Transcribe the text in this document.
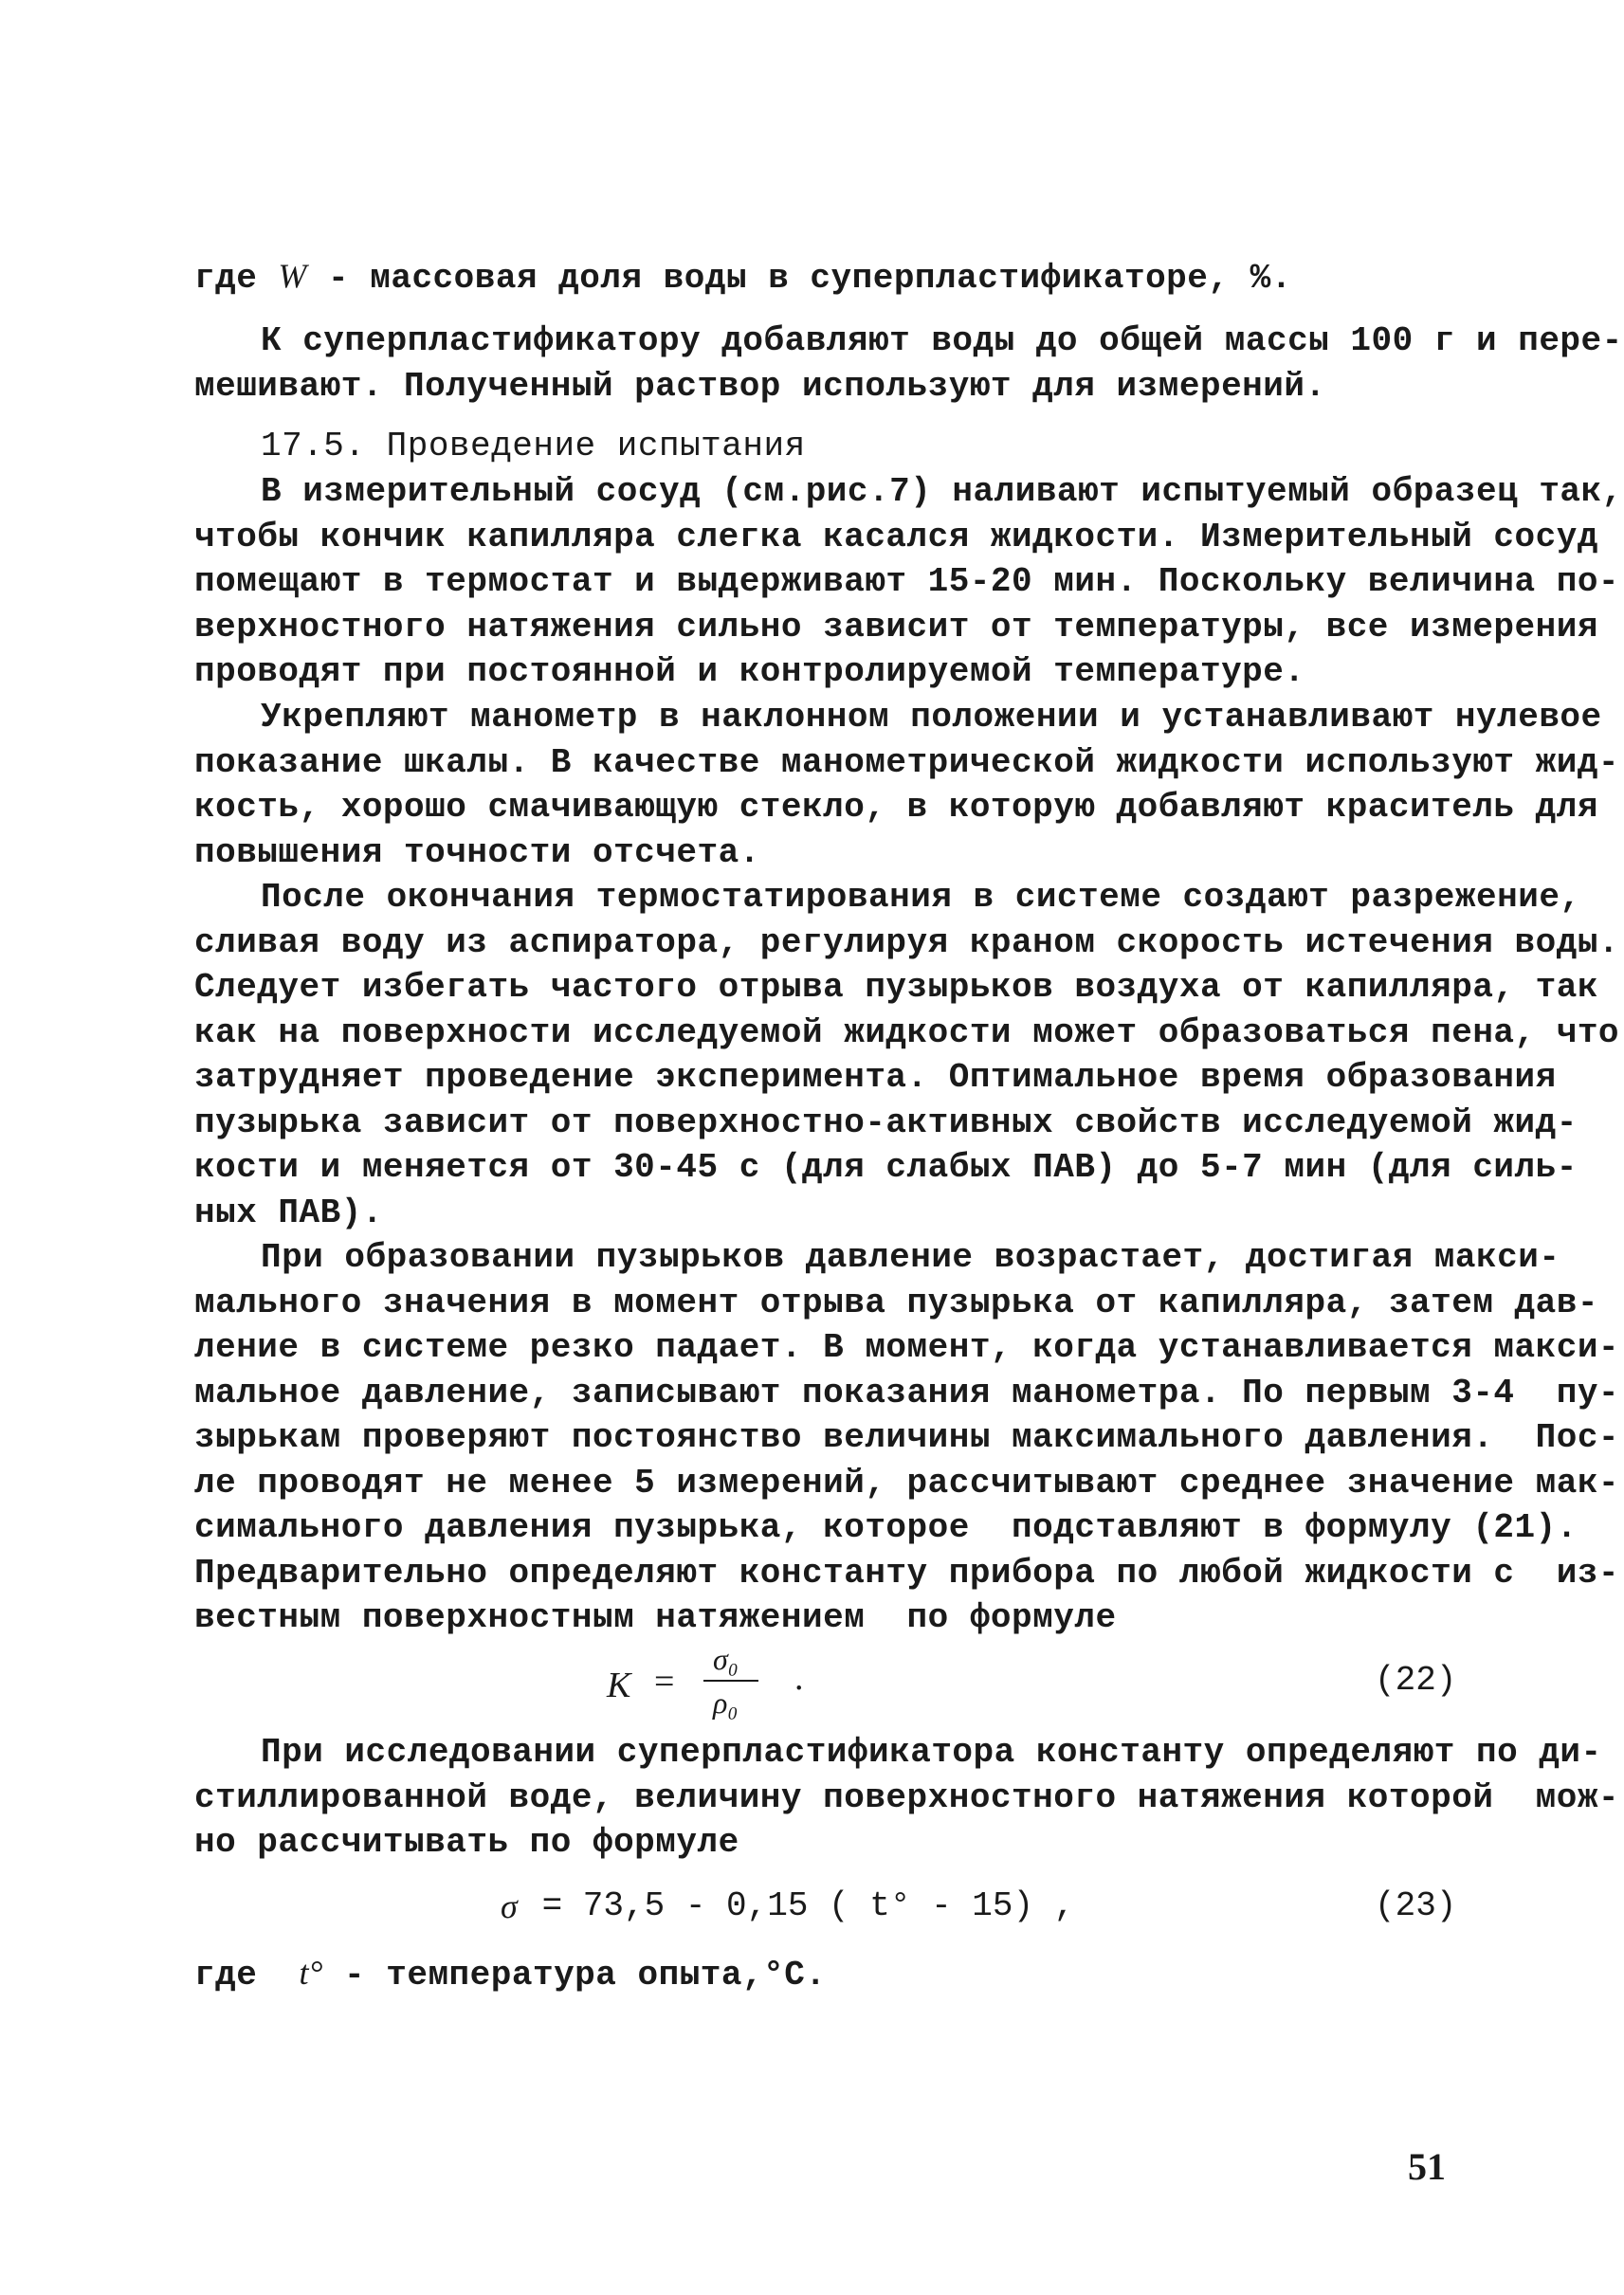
где W - массовая доля воды в суперпластификаторе, %.
К суперпластификатору добавляют воды до общей массы 100 г и пере-
мешивают. Полученный раствор используют для измерений.
17.5. Проведение испытания
В измерительный сосуд (см.рис.7) наливают испытуемый образец так,
чтобы кончик капилляра слегка касался жидкости. Измерительный сосуд
помещают в термостат и выдерживают 15-20 мин. Поскольку величина по-
верхностного натяжения сильно зависит от температуры, все измерения
проводят при постоянной и контролируемой температуре.
Укрепляют манометр в наклонном положении и устанавливают нулевое
показание шкалы. В качестве манометрической жидкости используют жид-
кость, хорошо смачивающую стекло, в которую добавляют краситель для
повышения точности отсчета.
После окончания термостатирования в системе создают разрежение,
сливая воду из аспиратора, регулируя краном скорость истечения воды.
Следует избегать частого отрыва пузырьков воздуха от капилляра, так
как на поверхности исследуемой жидкости может образоваться пена, что
затрудняет проведение эксперимента. Оптимальное время образования
пузырька зависит от поверхностно-активных свойств исследуемой жид-
кости и меняется от 30-45 с (для слабых ПАВ) до 5-7 мин (для силь-
ных ПАВ).
При образовании пузырьков давление возрастает, достигая макси-
мального значения в момент отрыва пузырька от капилляра, затем дав-
ление в системе резко падает. В момент, когда устанавливается макси-
мальное давление, записывают показания манометра. По первым 3-4  пу-
зырькам проверяют постоянство величины максимального давления.  Пос-
ле проводят не менее 5 измерений, рассчитывают среднее значение мак-
симального давления пузырька, которое  подставляют в формулу (21).
Предварительно определяют константу прибора по любой жидкости с  из-
вестным поверхностным натяжением  по формуле
K =
σ₀
ρ₀
.	(22)
При исследовании суперпластификатора константу определяют по ди-
стиллированной воде, величину поверхностного натяжения которой  мож-
но рассчитывать по формуле
σ = 73,5 - 0,15 ( t° - 15) ,	(23)
где  t° - температура опыта,°С.
51
